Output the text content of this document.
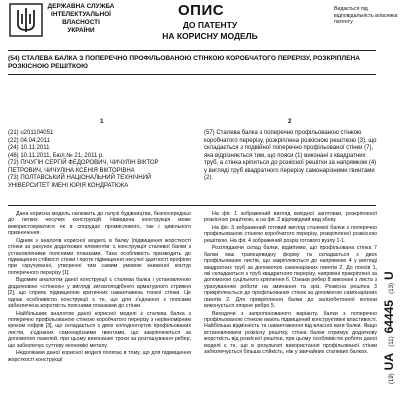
ДЕРЖАВНА СЛУЖБА
ІНТЕЛЕКТУАЛЬНОЇ
ВЛАСНОСТІ
УКРАЇНИ
ОПИС
ДО ПАТЕНТУ
НА КОРИСНУ МОДЕЛЬ
Видається під відповідальність власника патенту
(54) СТАЛЕВА БАЛКА З ПОПЕРЕЧНО ПРОФІЛЬОВАНОЮ СТІНКОЮ КОРОБЧАТОГО ПЕРЕРІЗУ, РОЗКРІПЛЕНА РОЗКІСНОЮ РЕШІТКОЮ
1	2
(21) u201104051
(22) 04.04.2011
(24) 10.11.2011
(46) 10.11.2011, Бюл.№ 21, 2011 р.
(72) ПІЧУГІН СЕРГІЙ ФЕДОРОВИЧ, ЧИЧУЛІН ВІКТОР ПЕТРОВИЧ, ЧИЧУЛІНА КСЕНІЯ ВІКТОРІВНА
(73) ПОЛТАВСЬКИЙ НАЦІОНАЛЬНИЙ ТЕХНІЧНИЙ УНІВЕРСИТЕТ ІМЕНІ ЮРІЯ КОНДРАТЮКА
(57) Сталева балка з поперечно профільованою стінкою коробчатого перерізу, розкріплена розкісною решіткою (3), що складається з подвійної поперечно профільованої стінки (7), яка відрізняється тим, що пояси (1) виконані з квадратних труб, а стінка кріпиться до розкісної решітки за напрямком (4) у вигляді труб квадратного перерізу самонарізними гвинтами (2).

Дана корисна модель належить до галузі будівництва, безпосередньо до легких несучих конструкцій. Наведена конструкція може використовуватися як в спорудах промислового, так і цивільного призначення.

Одним з аналогів корисної моделі, в балку (підвищення жорсткості стінки за рахунок додаткових елементів: є конструкція сталевої балки з установленими поясними планками. Така особливість призводить до підвищення стійкості стінки і проте підвищення несучої здатності профілю при скручуванні, утворенні тим самим умовою зниженої контур поперечного перерізу [1].

Відомим аналогом даної конструкції є сталева балка і установленою додатковою «стінкою» у вигляді зигзагоподібного арматурного стрижня [2], що сприяє підвищенню критичних навантажень тонкої стінки. Це однак особливістю конструкції є те, що для з'єднання з поясами забезпечена жорсткість поясними планками до стінки.

Найбільшим аналогом даної корисної моделі є сталева балка з поперечно профільованою стінкою коробчатого перерізу з нерівномірним кроком гофрів [3], що складається з двох холодногнутих профільованих листів, з'єднаних самонарізними гвинтами, що закріплюються за допомогою пазелей, при цьому виконаних трохи за розташування ребер, що забезпечує суттєву економію металу.

Недоліками даної корисної моделі полягає в тому, що для підвищення жорсткості конструкції

На фіг. 1 зображений вигляд вихідної заготовки, розкріпленої розкісною решіткою, а на фіг. 2 відповідний вид збоку.

На фіг. 3 зображений готовий вигляд сталевої балки з поперечно профільованою стінкою коробчатого перерізу, розкріпленої розкісною решіткою. На фіг. 4 зображений розріз готового вузлу 1-1.

Розглядаючи склад балки, відмітимо, що профільована стінка 7 балки має трапецевидну форму та складається з двох профільованих листів, що закріплюються до напрямних 4 у вигляді квадратних труб за допомогою самонарізних гвинтів 2. До поясів 1, які складаються з труб квадратного перерізу, напрямні прикріплені за допомогою суцільного кріплення 6. Ознаки ребер 8 виконані з листа з урахуванням роботи на зминання та зріз. Розкісна решітка 3 прикріплюється до профільованих стінок за допомогою самонарізних гвинтів 2. Для прикріплення балки до залізобетонної колони виконується опорне ребро 5.

Виходячи з запропонованого варіанту, балки з поперечно профільованою стінкою мають підвищений конструктивні властивості. Найбільша відмінність та навантаження від власної ваги балки. Якщо встановлювати розкісну решітку, стінка балки отримує додаткову жорсткість від розкісної решітки, при цьому особливістю роботи даної моделі є те, що в результаті використання профільованої стінки забезпечується більша стійкість, ніж у звичайних сталевих балках.

(19)UA (11)64445 (13)U
